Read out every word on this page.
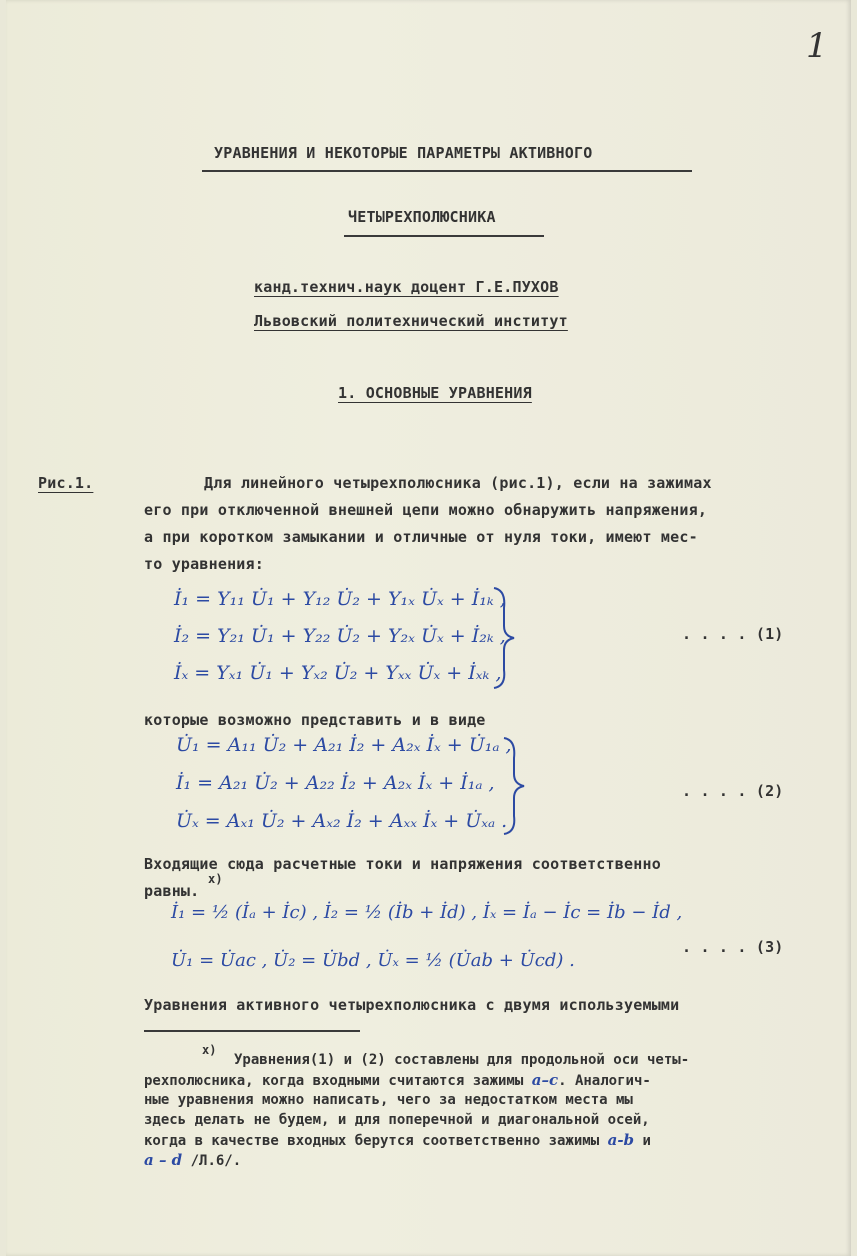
1
УРАВНЕНИЯ И НЕКОТОРЫЕ ПАРАМЕТРЫ АКТИВНОГО
ЧЕТЫРЕХПОЛЮСНИКА
канд.технич.наук доцент Г.Е.ПУХОВ
Львовский политехнический институт
1. ОСНОВНЫЕ УРАВНЕНИЯ
Рис.1.	Для линейного четырехполюсника (рис.1), если на зажимах
его при отключенной внешней цепи можно обнаружить напряжения,
а при коротком замыкании и отличные от нуля токи, имеют мес-
то уравнения:
İ₁ = Y₁₁ U̇₁ + Y₁₂ U̇₂ + Y₁ₓ U̇ₓ + İ₁ₖ ,
İ₂ = Y₂₁ U̇₁ + Y₂₂ U̇₂ + Y₂ₓ U̇ₓ + İ₂ₖ ,
İₓ = Yₓ₁ U̇₁ + Yₓ₂ U̇₂ + Yₓₓ U̇ₓ + İₓₖ ,
. . . . (1)
которые возможно представить и в виде
U̇₁ = A₁₁ U̇₂ + A₂₁ İ₂ + A₂ₓ İₓ + U̇₁ₐ ,
İ₁ = A₂₁ U̇₂ + A₂₂ İ₂ + A₂ₓ İₓ + İ₁ₐ ,
U̇ₓ = Aₓ₁ U̇₂ + Aₓ₂ İ₂ + Aₓₓ İₓ + U̇ₓₐ .
. . . . (2)
Входящие сюда расчетные токи и напряжения соответственно
равны.
x)
İ₁ = ½ (İₐ + İc) , İ₂ = ½ (İb + İd) , İₓ = İₐ − İc = İb − İd ,
U̇₁ = U̇ac , U̇₂ = U̇bd , U̇ₓ = ½ (U̇ab + U̇cd) .
. . . . (3)
Уравнения активного четырехполюсника с двумя используемыми
x)
Уравнения(1) и (2) составлены для продольной оси четы-
рехполюсника, когда входными считаются зажимы a–c. Аналогич-
ные уравнения можно написать, чего за недостатком места мы
здесь делать не будем, и для поперечной и диагональной осей,
когда в качестве входных берутся соответственно зажимы a-b и
a – d /Л.6/.
